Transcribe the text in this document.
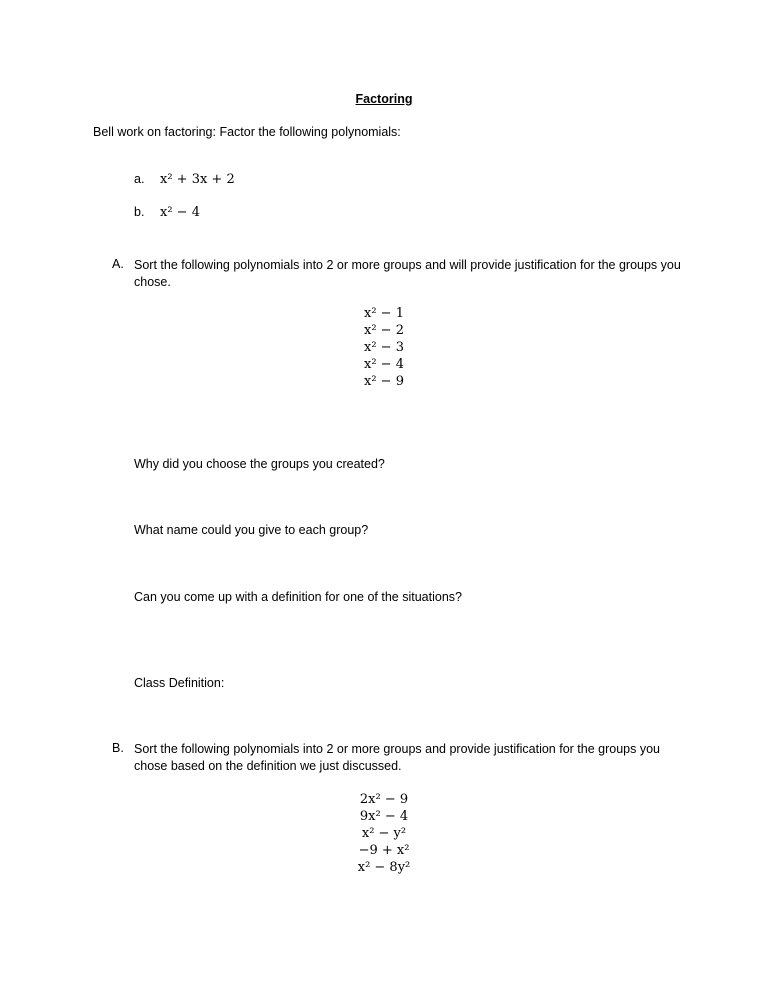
Factoring
Bell work on factoring: Factor the following polynomials:
a. x² + 3x + 2
b. x² − 4
A. Sort the following polynomials into 2 or more groups and will provide justification for the groups you chose.
x² − 1
x² − 2
x² − 3
x² − 4
x² − 9
Why did you choose the groups you created?
What name could you give to each group?
Can you come up with a definition for one of the situations?
Class Definition:
B. Sort the following polynomials into 2 or more groups and provide justification for the groups you chose based on the definition we just discussed.
2x² − 9
9x² − 4
x² − y²
−9 + x²
x² − 8y²
